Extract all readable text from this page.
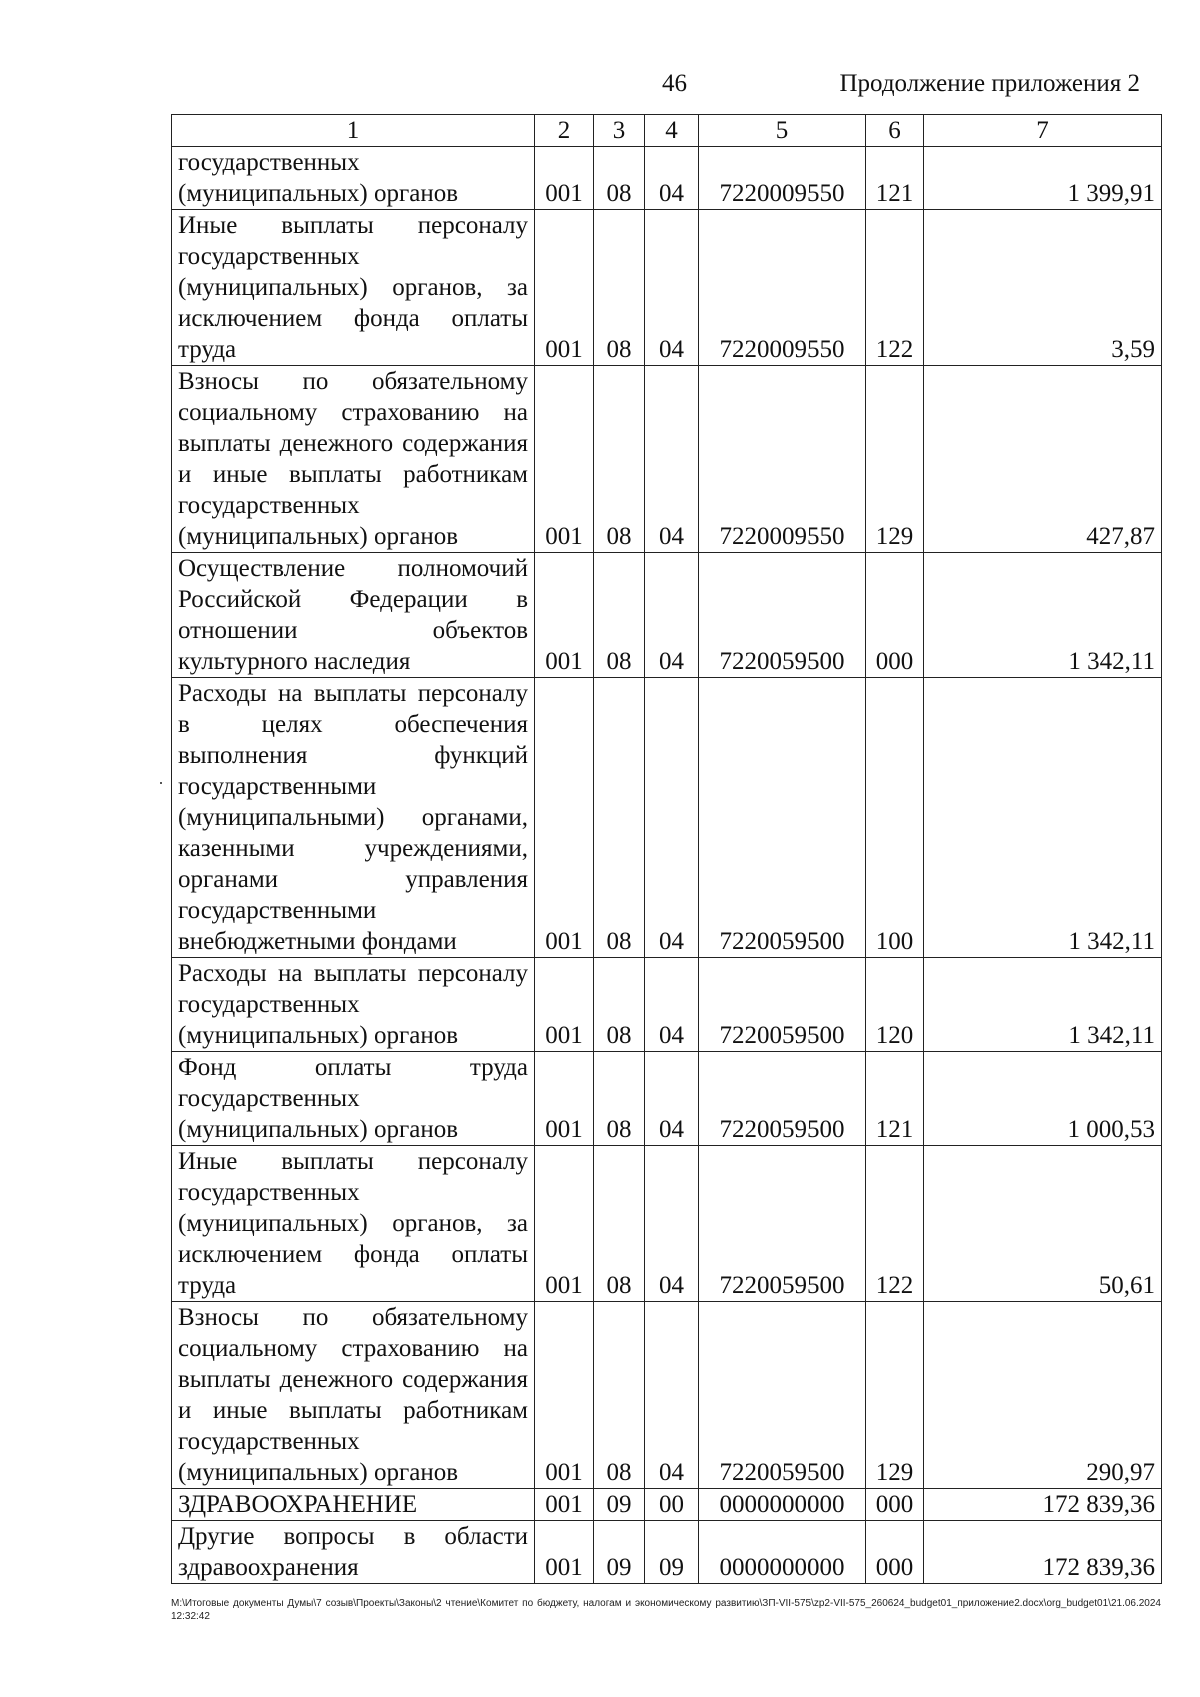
46	Продолжение приложения 2
1	2	3	4	5	6	7
государственных (муниципальных) органов	001	08	04	7220009550	121	1 399,91
Иные выплаты персоналу государственных (муниципальных) органов, за исключением фонда оплаты труда	001	08	04	7220009550	122	3,59
Взносы по обязательному социальному страхованию на выплаты денежного содержания и иные выплаты работникам государственных (муниципальных) органов	001	08	04	7220009550	129	427,87
Осуществление полномочий Российской Федерации в отношении объектов культурного наследия	001	08	04	7220059500	000	1 342,11
Расходы на выплаты персоналу в целях обеспечения выполнения функций государственными (муниципальными) органами, казенными учреждениями, органами управления государственными внебюджетными фондами	001	08	04	7220059500	100	1 342,11
Расходы на выплаты персоналу государственных (муниципальных) органов	001	08	04	7220059500	120	1 342,11
Фонд оплаты труда государственных (муниципальных) органов	001	08	04	7220059500	121	1 000,53
Иные выплаты персоналу государственных (муниципальных) органов, за исключением фонда оплаты труда	001	08	04	7220059500	122	50,61
Взносы по обязательному социальному страхованию на выплаты денежного содержания и иные выплаты работникам государственных (муниципальных) органов	001	08	04	7220059500	129	290,97
ЗДРАВООХРАНЕНИЕ	001	09	00	0000000000	000	172 839,36
Другие вопросы в области здравоохранения	001	09	09	0000000000	000	172 839,36
M:\Итоговые документы Думы\7 созыв\Проекты\Законы\2 чтение\Комитет по бюджету, налогам и экономическому развитию\ЗП-VII-575\zp2-VII-575_260624_budget01_приложение2.docx\org_budget01\21.06.2024 12:32:42
